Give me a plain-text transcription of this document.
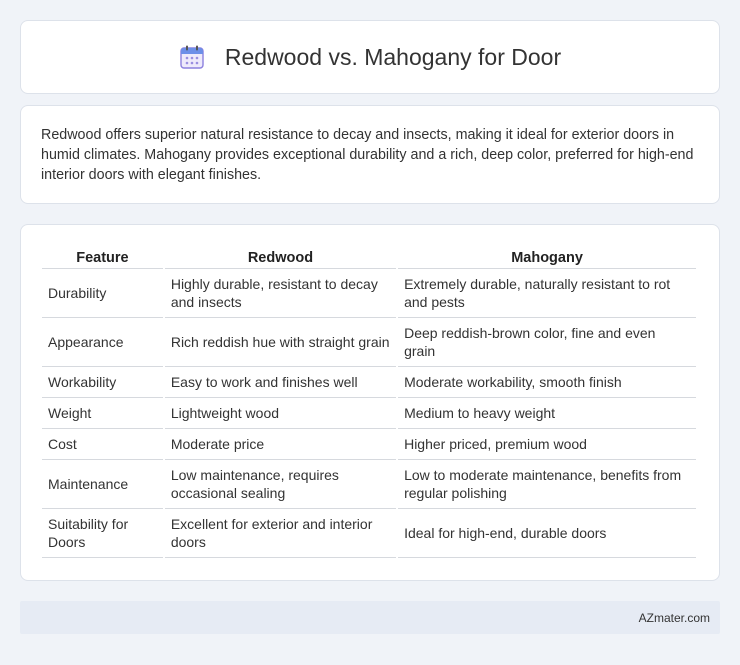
Redwood vs. Mahogany for Door

Redwood offers superior natural resistance to decay and insects, making it ideal for exterior doors in humid climates. Mahogany provides exceptional durability and a rich, deep color, preferred for high-end interior doors with elegant finishes.

Feature	Redwood	Mahogany
Durability	Highly durable, resistant to decay and insects	Extremely durable, naturally resistant to rot and pests
Appearance	Rich reddish hue with straight grain	Deep reddish-brown color, fine and even grain
Workability	Easy to work and finishes well	Moderate workability, smooth finish
Weight	Lightweight wood	Medium to heavy weight
Cost	Moderate price	Higher priced, premium wood
Maintenance	Low maintenance, requires occasional sealing	Low to moderate maintenance, benefits from regular polishing
Suitability for Doors	Excellent for exterior and interior doors	Ideal for high-end, durable doors
AZmater.com
